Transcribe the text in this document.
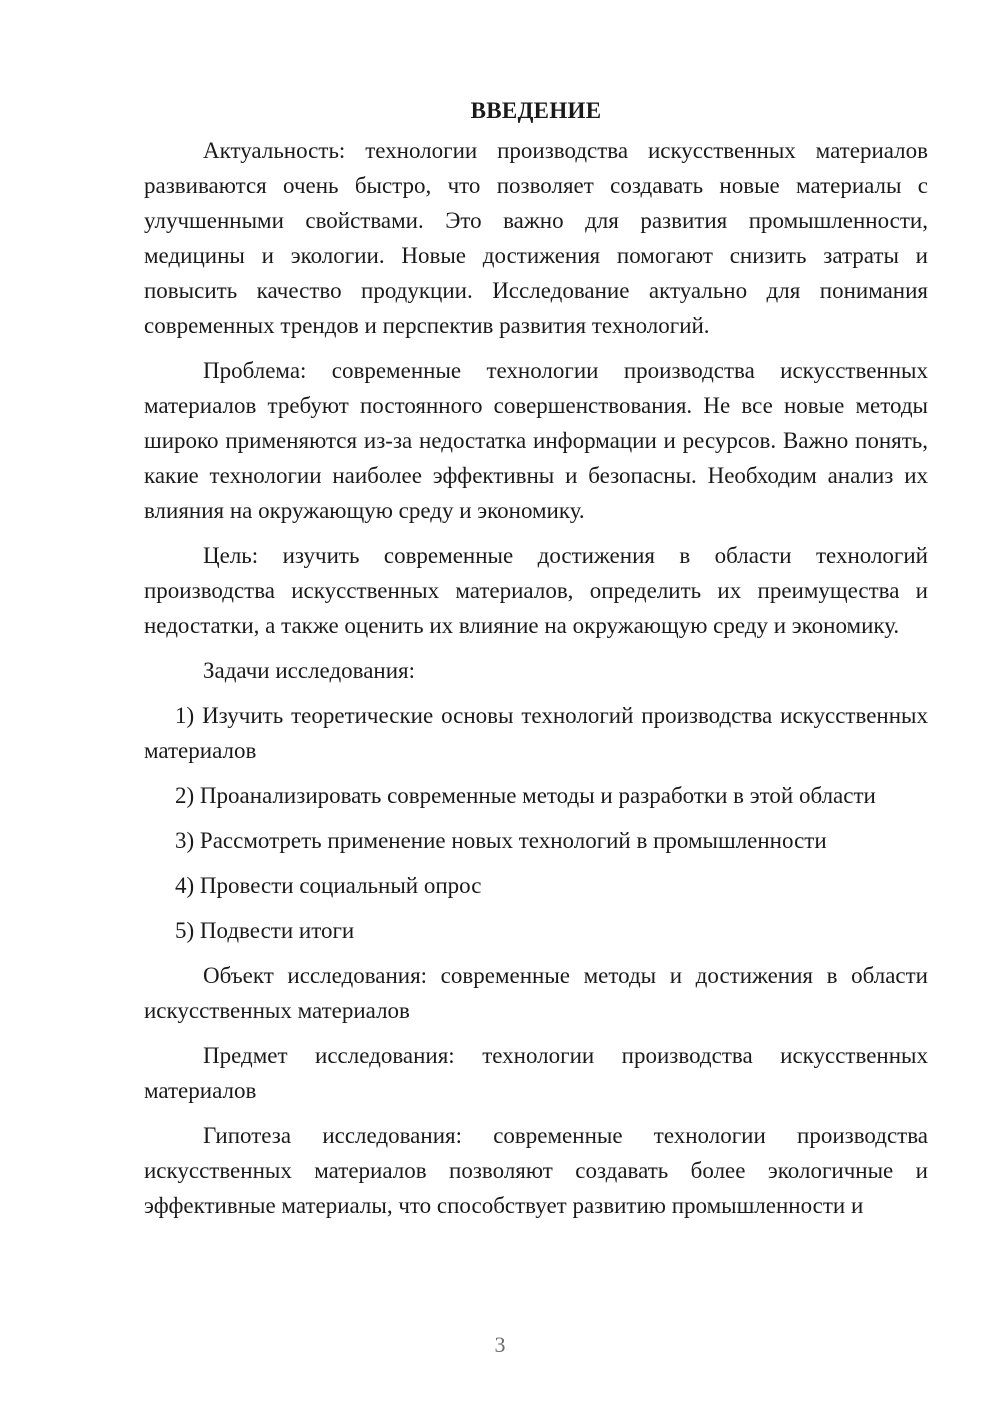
ВВЕДЕНИЕ

Актуальность: технологии производства искусственных материалов развиваются очень быстро, что позволяет создавать новые материалы с улучшенными свойствами. Это важно для развития промышленности, медицины и экологии. Новые достижения помогают снизить затраты и повысить качество продукции. Исследование актуально для понимания современных трендов и перспектив развития технологий.

Проблема: современные технологии производства искусственных материалов требуют постоянного совершенствования. Не все новые методы широко применяются из-за недостатка информации и ресурсов. Важно понять, какие технологии наиболее эффективны и безопасны. Необходим анализ их влияния на окружающую среду и экономику.

Цель: изучить современные достижения в области технологий производства искусственных материалов, определить их преимущества и недостатки, а также оценить их влияние на окружающую среду и экономику.

Задачи исследования:

1) Изучить теоретические основы технологий производства искусственных материалов

2) Проанализировать современные методы и разработки в этой области

3) Рассмотреть применение новых технологий в промышленности

4) Провести социальный опрос

5) Подвести итоги

Объект исследования: современные методы и достижения в области искусственных материалов

Предмет исследования: технологии производства искусственных материалов

Гипотеза исследования: современные технологии производства искусственных материалов позволяют создавать более экологичные и эффективные материалы, что способствует развитию промышленности и

3
